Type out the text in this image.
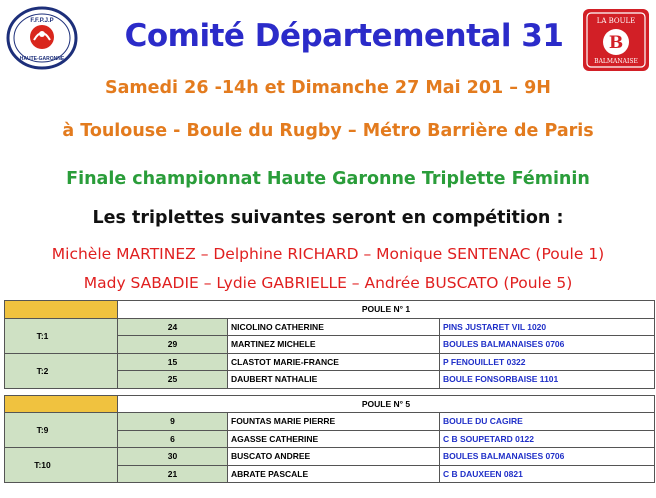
F.F.P.J.P
HAUTE-GARONNE
B
LA BOULE
BALMANAISE
Comité Départemental 31
Samedi 26 -14h et Dimanche 27 Mai 201 – 9H
à Toulouse - Boule du Rugby – Métro Barrière de Paris
Finale championnat Haute Garonne Triplette Féminin
Les triplettes suivantes seront en compétition :
Michèle MARTINEZ – Delphine RICHARD – Monique SENTENAC (Poule 1)
Mady SABADIE – Lydie GABRIELLE – Andrée BUSCATO (Poule 5)
	POULE N° 1		
T:1	24	NICOLINO CATHERINE	PINS JUSTARET VIL 1020
	29	MARTINEZ MICHELE	BOULES BALMANAISES 0706
T:2	15	CLASTOT MARIE-FRANCE	P FENOUILLET 0322
	25	DAUBERT NATHALIE	BOULE FONSORBAISE 1101

	POULE N° 5		
T:9	9	FOUNTAS MARIE PIERRE	BOULE DU CAGIRE
	6	AGASSE CATHERINE	C B SOUPETARD 0122
T:10	30	BUSCATO ANDREE	BOULES BALMANAISES 0706
	21	ABRATE PASCALE	C B DAUXEEN 0821
